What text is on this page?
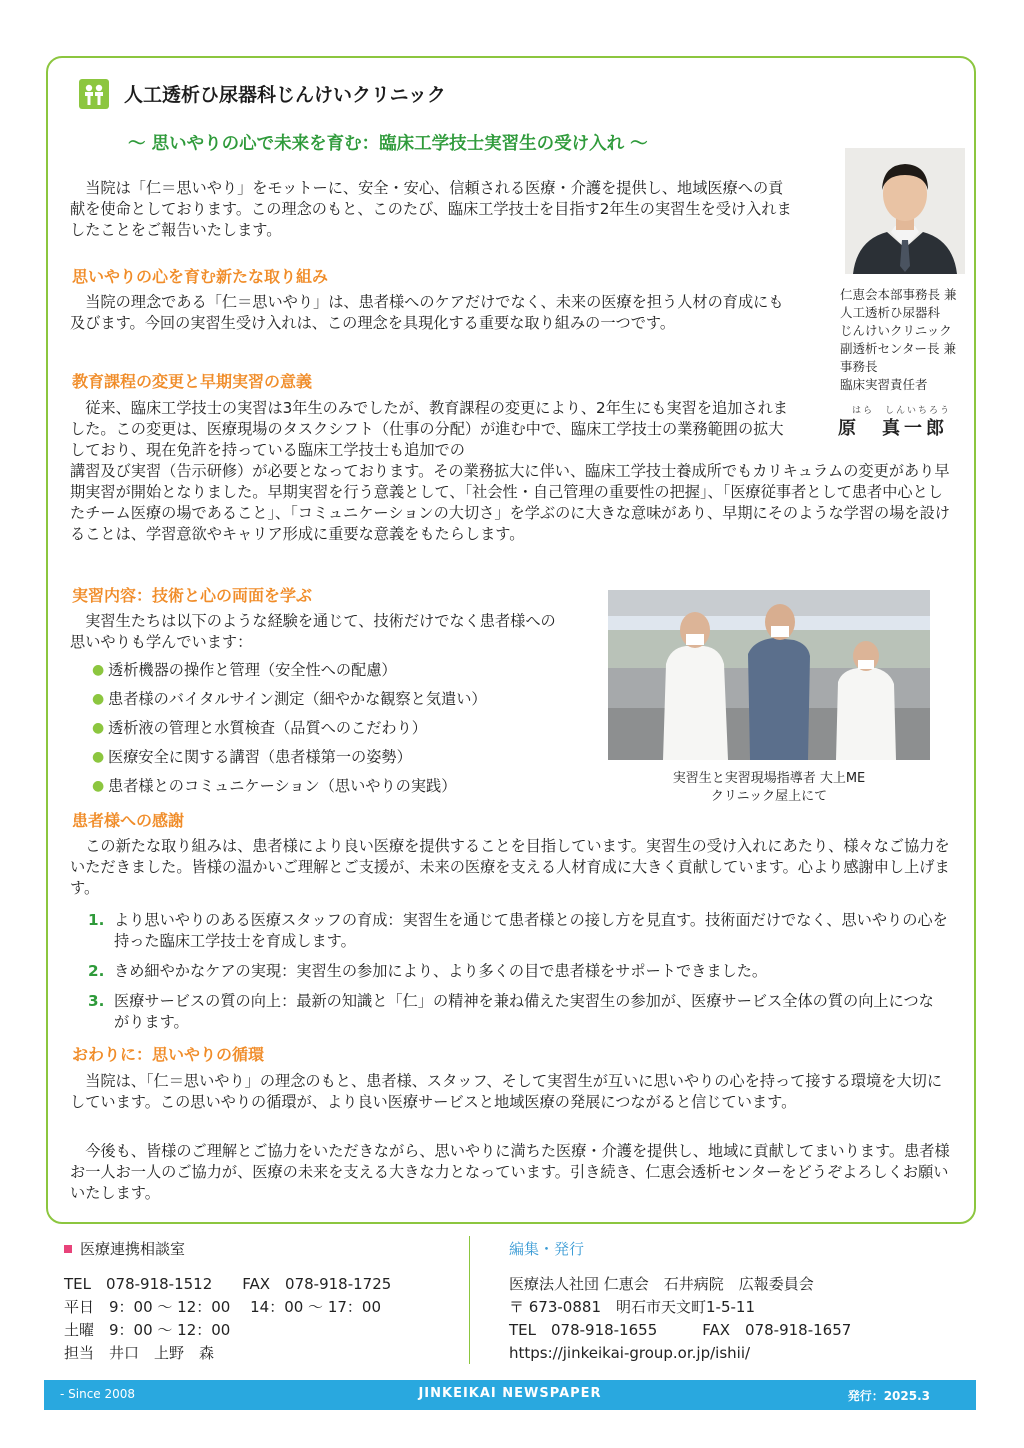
人工透析ひ尿器科じんけいクリニック
～ 思いやりの心で未来を育む：臨床工学技士実習生の受け入れ ～

当院は「仁＝思いやり」をモットーに、安全・安心、信頼される医療・介護を提供し、地域医療への貢献を使命としております。この理念のもと、このたび、臨床工学技士を目指す2年生の実習生を受け入れましたことをご報告いたします。

仁恵会本部事務長 兼
人工透析ひ尿器科
じんけいクリニック
副透析センター長 兼
事務長
臨床実習責任者
はら　しんいちろう
原　真一郎
思いやりの心を育む新たな取り組み

当院の理念である「仁＝思いやり」は、患者様へのケアだけでなく、未来の医療を担う人材の育成にも及びます。今回の実習生受け入れは、この理念を具現化する重要な取り組みの一つです。

教育課程の変更と早期実習の意義

従来、臨床工学技士の実習は3年生のみでしたが、教育課程の変更により、2年生にも実習を追加されました。この変更は、医療現場のタスクシフト（仕事の分配）が進む中で、臨床工学技士の業務範囲の拡大しており、現在免許を持っている臨床工学技士も追加での

講習及び実習（告示研修）が必要となっております。その業務拡大に伴い、臨床工学技士養成所でもカリキュラムの変更があり早期実習が開始となりました。早期実習を行う意義として、「社会性・自己管理の重要性の把握」、「医療従事者として患者中心としたチーム医療の場であること」、「コミュニケーションの大切さ」を学ぶのに大きな意味があり、早期にそのような学習の場を設けることは、学習意欲やキャリア形成に重要な意義をもたらします。

実習内容：技術と心の両面を学ぶ

実習生たちは以下のような経験を通じて、技術だけでなく患者様への思いやりも学んでいます：

● 透析機器の操作と管理（安全性への配慮）
● 患者様のバイタルサイン測定（細やかな観察と気遣い）
● 透析液の管理と水質検査（品質へのこだわり）
● 医療安全に関する講習（患者様第一の姿勢）
● 患者様とのコミュニケーション（思いやりの実践）	実習生と実習現場指導者 大上ME
クリニック屋上にて
患者様への感謝

この新たな取り組みは、患者様により良い医療を提供することを目指しています。実習生の受け入れにあたり、様々なご協力をいただきました。皆様の温かいご理解とご支援が、未来の医療を支える人材育成に大きく貢献しています。心より感謝申し上げます。

1. より思いやりのある医療スタッフの育成：実習生を通じて患者様との接し方を見直す。技術面だけでなく、思いやりの心を持った臨床工学技士を育成します。
2. きめ細やかなケアの実現：実習生の参加により、より多くの目で患者様をサポートできました。
3. 医療サービスの質の向上：最新の知識と「仁」の精神を兼ね備えた実習生の参加が、医療サービス全体の質の向上につながります。
おわりに：思いやりの循環

当院は、「仁＝思いやり」の理念のもと、患者様、スタッフ、そして実習生が互いに思いやりの心を持って接する環境を大切にしています。この思いやりの循環が、より良い医療サービスと地域医療の発展につながると信じています。

今後も、皆様のご理解とご協力をいただきながら、思いやりに満ちた医療・介護を提供し、地域に貢献してまいります。患者様お一人お一人のご協力が、医療の未来を支える大きな力となっています。引き続き、仁恵会透析センターをどうぞよろしくお願いいたします。

医療連携相談室
TEL　078-918-1512　　FAX　078-918-1725
平日　9：00 ～ 12：00　 14：00 ～ 17：00
土曜　9：00 ～ 12：00
担当　井口　上野　森
編集・発行
医療法人社団 仁恵会　石井病院　広報委員会
〒 673-0881　明石市天文町1-5-11
TEL　078-918-1655　　　FAX　078-918-1657
https://jinkeikai-group.or.jp/ishii/
- Since 2008	JINKEIKAI NEWSPAPER	発行：2025.3
